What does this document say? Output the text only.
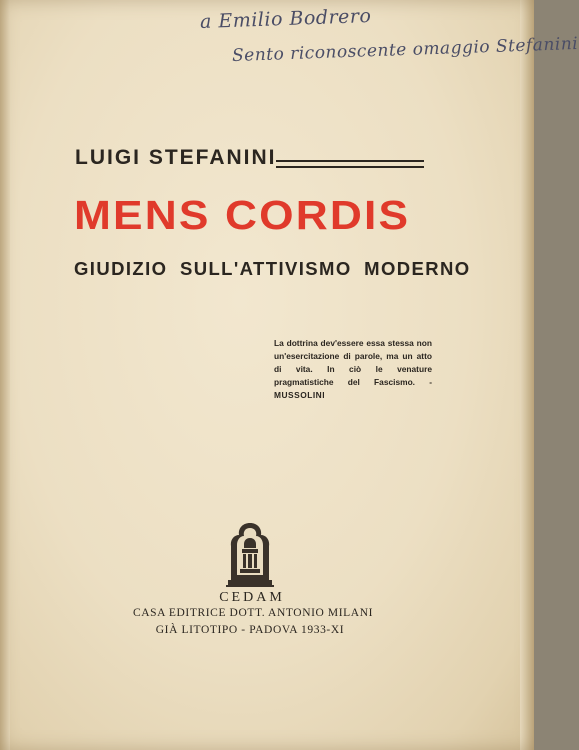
a Emilio Bodrero
Sento riconoscente omaggio Stefanini
LUIGI STEFANINI
MENS CORDIS
GIUDIZIO SULL'ATTIVISMO MODERNO
La dottrina dev'essere essa stessa non un'esercitazione di parole, ma un atto di vita. In ciò le venature pragmatistiche del Fascismo. - MUSSOLINI
CEDAM
CASA EDITRICE DOTT. ANTONIO MILANI
GIÀ LITOTIPO - PADOVA 1933-XI
